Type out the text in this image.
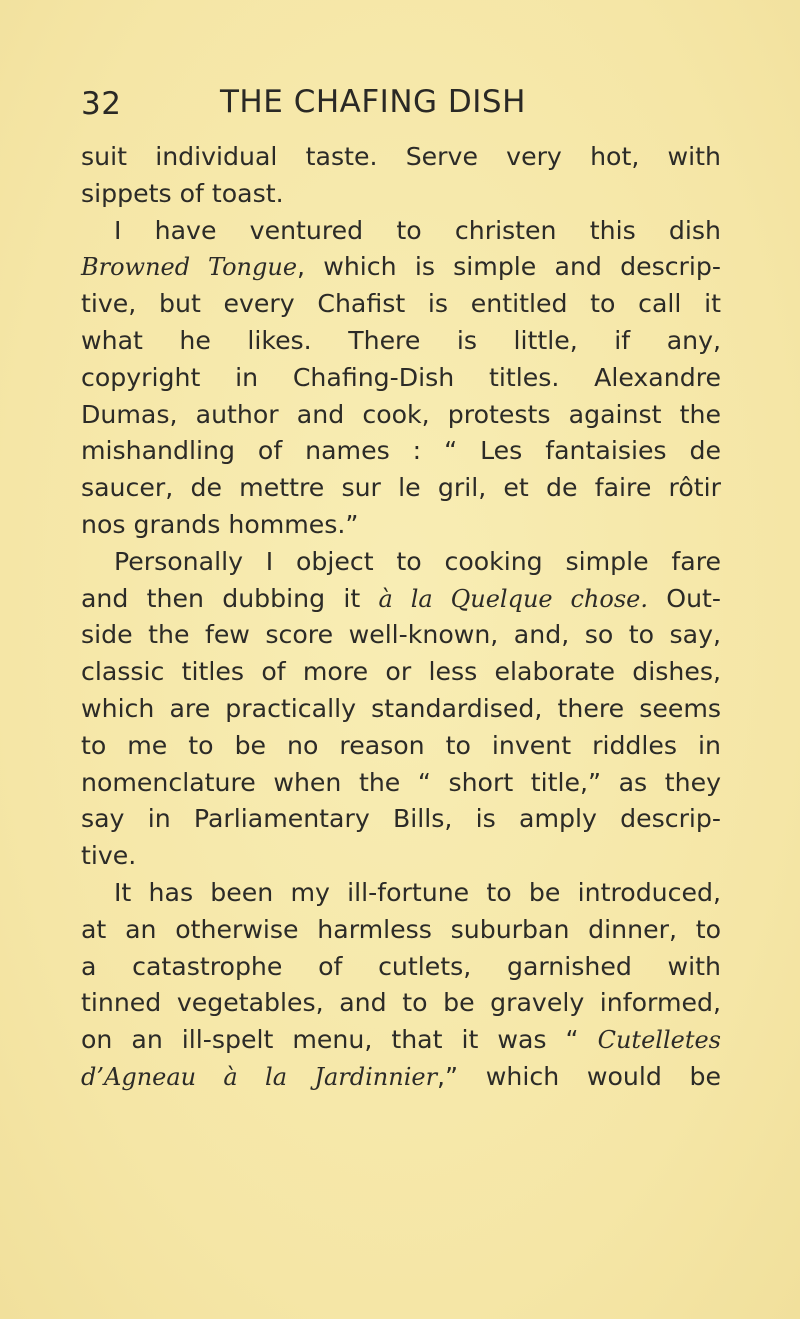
32	THE CHAFING DISH
suit individual taste. Serve very hot, with
sippets of toast.
I have ventured to christen this dish
Browned Tongue, which is simple and descrip-
tive, but every Chafist is entitled to call it
what he likes. There is little, if any,
copyright in Chafing-Dish titles. Alexandre
Dumas, author and cook, protests against the
mishandling of names : “ Les fantaisies de
saucer, de mettre sur le gril, et de faire rôtir
nos grands hommes.”
Personally I object to cooking simple fare
and then dubbing it à la Quelque chose. Out-
side the few score well-known, and, so to say,
classic titles of more or less elaborate dishes,
which are practically standardised, there seems
to me to be no reason to invent riddles in
nomenclature when the “ short title,” as they
say in Parliamentary Bills, is amply descrip-
tive.
It has been my ill-fortune to be introduced,
at an otherwise harmless suburban dinner, to
a catastrophe of cutlets, garnished with
tinned vegetables, and to be gravely informed,
on an ill-spelt menu, that it was “ Cutelletes
d’Agneau à la Jardinnier,” which would be
